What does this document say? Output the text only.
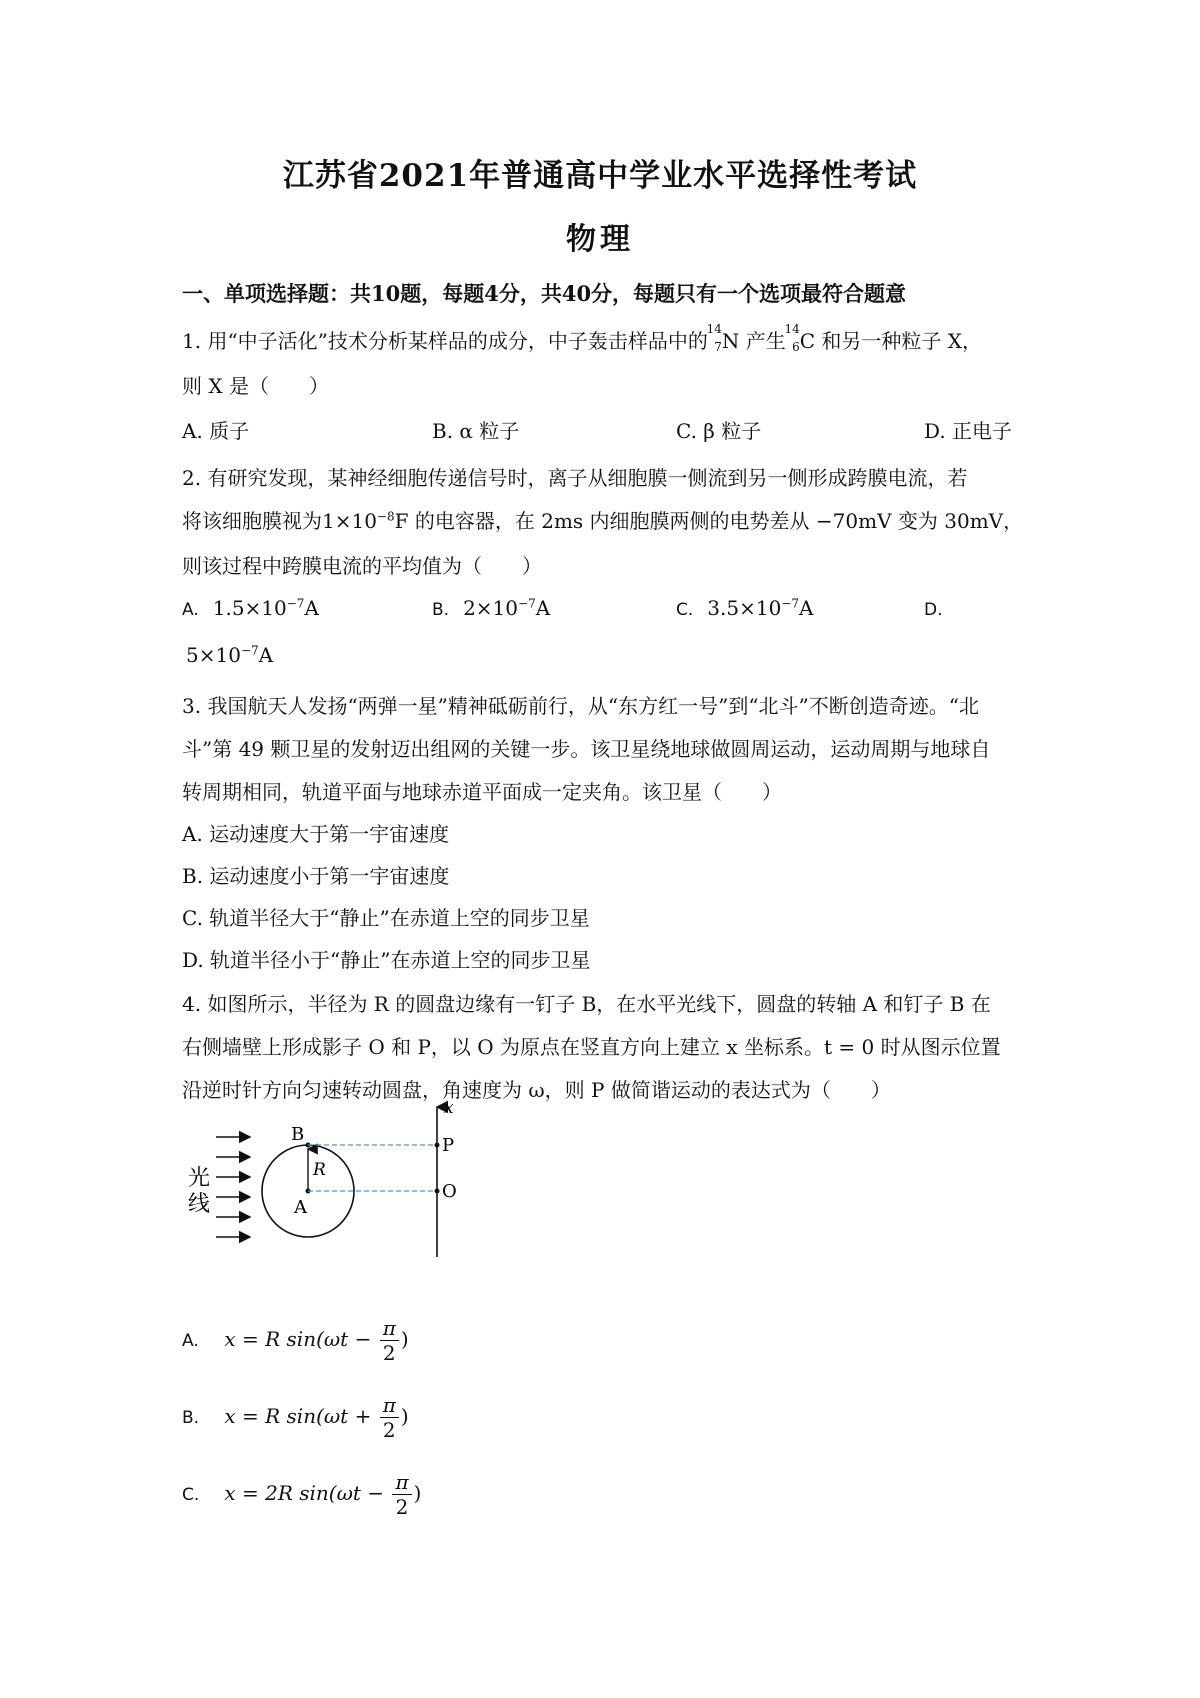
江苏省2021年普通高中学业水平选择性考试
物理
一、单项选择题：共10题，每题4分，共40分，每题只有一个选项最符合题意
1. 用“中子活化”技术分析某样品的成分，中子轰击样品中的
14
7 N 产生
14
6 C 和另一种粒子 X，
则 X 是（　　）
A. 质子	B. α 粒子	C. β 粒子	D. 正电子
2. 有研究发现，某神经细胞传递信号时，离子从细胞膜一侧流到另一侧形成跨膜电流，若
将该细胞膜视为$1\times 10^{-8}F$ 的电容器，在 2ms 内细胞膜两侧的电势差从 −70mV 变为 30mV，
则该过程中跨膜电流的平均值为（　　）
A. $1.5\times 10^{-7}A$	B. $2\times 10^{-7}A$	C. $3.5\times 10^{-7}A$	D.
$5\times 10^{-7}A$
3. 我国航天人发扬“两弹一星”精神砥砺前行，从“东方红一号”到“北斗”不断创造奇迹。“北
斗”第 49 颗卫星的发射迈出组网的关键一步。该卫星绕地球做圆周运动，运动周期与地球自
转周期相同，轨道平面与地球赤道平面成一定夹角。该卫星（　　）
A. 运动速度大于第一宇宙速度
B. 运动速度小于第一宇宙速度
C. 轨道半径大于“静止”在赤道上空的同步卫星
D. 轨道半径小于“静止”在赤道上空的同步卫星
4. 如图所示，半径为 R 的圆盘边缘有一钉子 B，在水平光线下，圆盘的转轴 A 和钉子 B 在
右侧墙壁上形成影子 O 和 P，以 O 为原点在竖直方向上建立 x 坐标系。t = 0 时从图示位置
沿逆时针方向匀速转动圆盘，角速度为 ω，则 P 做简谐运动的表达式为（　　）
光
线
B
A
R
x
P
O
A. x = R $\sin(\omega t - \frac{\pi}{2}$ )
B. x = R $\sin(\omega t + \frac{\pi}{2}$ )
C. x = 2R $\sin(\omega t - \frac{\pi}{2}$ )
